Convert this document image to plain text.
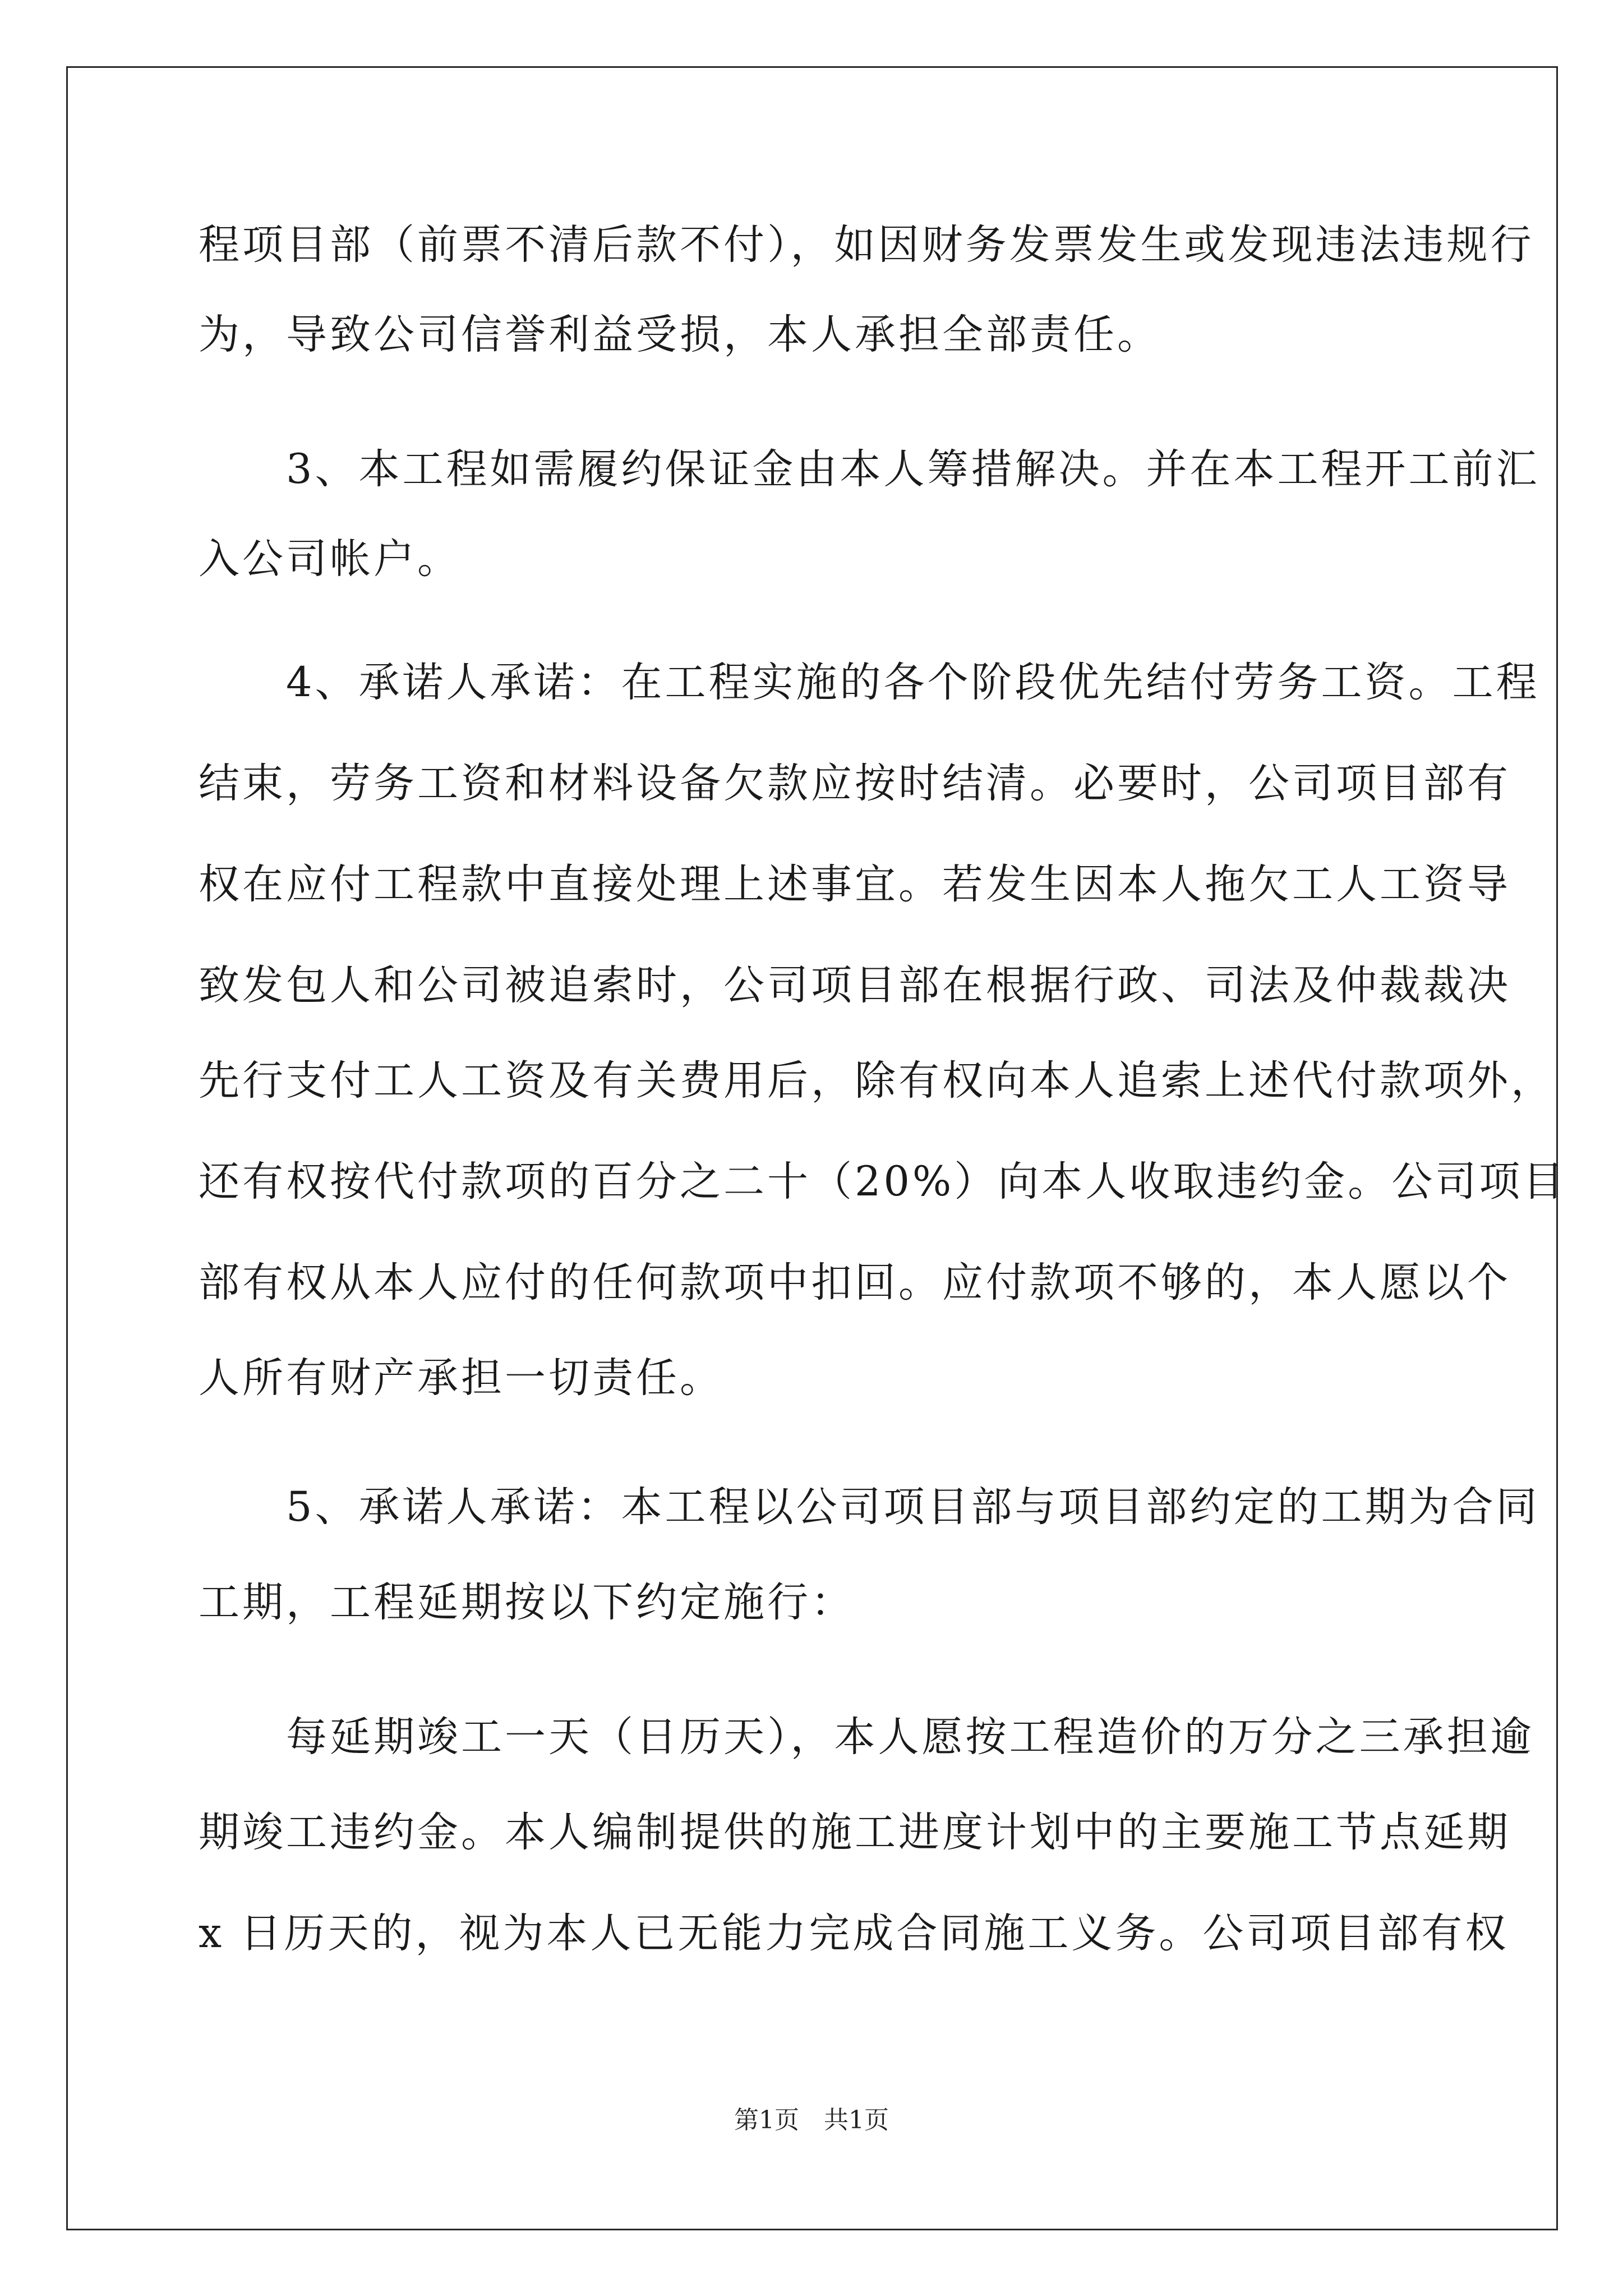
程项目部（前票不清后款不付），如因财务发票发生或发现违法违规行
为，导致公司信誉利益受损，本人承担全部责任。
　　3、本工程如需履约保证金由本人筹措解决。并在本工程开工前汇
入公司帐户。
　　4、承诺人承诺：在工程实施的各个阶段优先结付劳务工资。工程
结束，劳务工资和材料设备欠款应按时结清。必要时，公司项目部有
权在应付工程款中直接处理上述事宜。若发生因本人拖欠工人工资导
致发包人和公司被追索时，公司项目部在根据行政、司法及仲裁裁决
先行支付工人工资及有关费用后，除有权向本人追索上述代付款项外，
还有权按代付款项的百分之二十（20%）向本人收取违约金。公司项目
部有权从本人应付的任何款项中扣回。应付款项不够的，本人愿以个
人所有财产承担一切责任。
　　5、承诺人承诺：本工程以公司项目部与项目部约定的工期为合同
工期，工程延期按以下约定施行：
　　每延期竣工一天（日历天），本人愿按工程造价的万分之三承担逾
期竣工违约金。本人编制提供的施工进度计划中的主要施工节点延期
x 日历天的，视为本人已无能力完成合同施工义务。公司项目部有权
第1页　共1页
